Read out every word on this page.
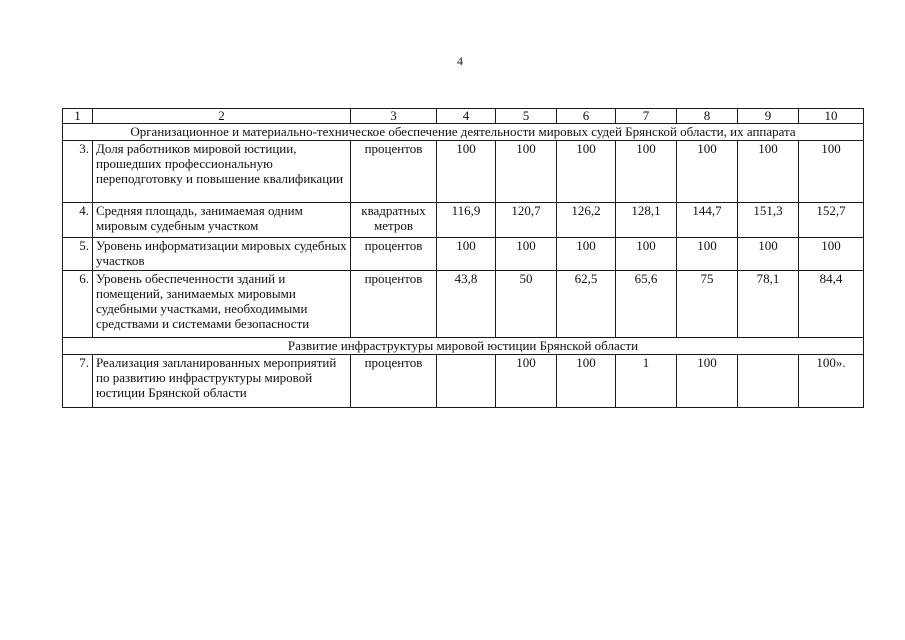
4
1	2	3	4	5	6	7	8	9	10
Организационное и материально-техническое обеспечение деятельности мировых судей Брянской области, их аппарата									
3.	Доля работников мировой юстиции, прошедших профессиональную переподготовку и повышение квалификации	процентов	100	100	100	100	100	100	100
4.	Средняя площадь, занимаемая одним мировым судебным участком	квадратных метров	116,9	120,7	126,2	128,1	144,7	151,3	152,7
5.	Уровень информатизации мировых судебных участков	процентов	100	100	100	100	100	100	100
6.	Уровень обеспеченности зданий и помещений, занимаемых мировыми судебными участками, необходимыми средствами и системами безопасности	процентов	43,8	50	62,5	65,6	75	78,1	84,4
Развитие инфраструктуры мировой юстиции Брянской области									
7.	Реализация запланированных мероприятий по развитию инфраструктуры мировой юстиции Брянской области	процентов		100	100	1	100		100».
